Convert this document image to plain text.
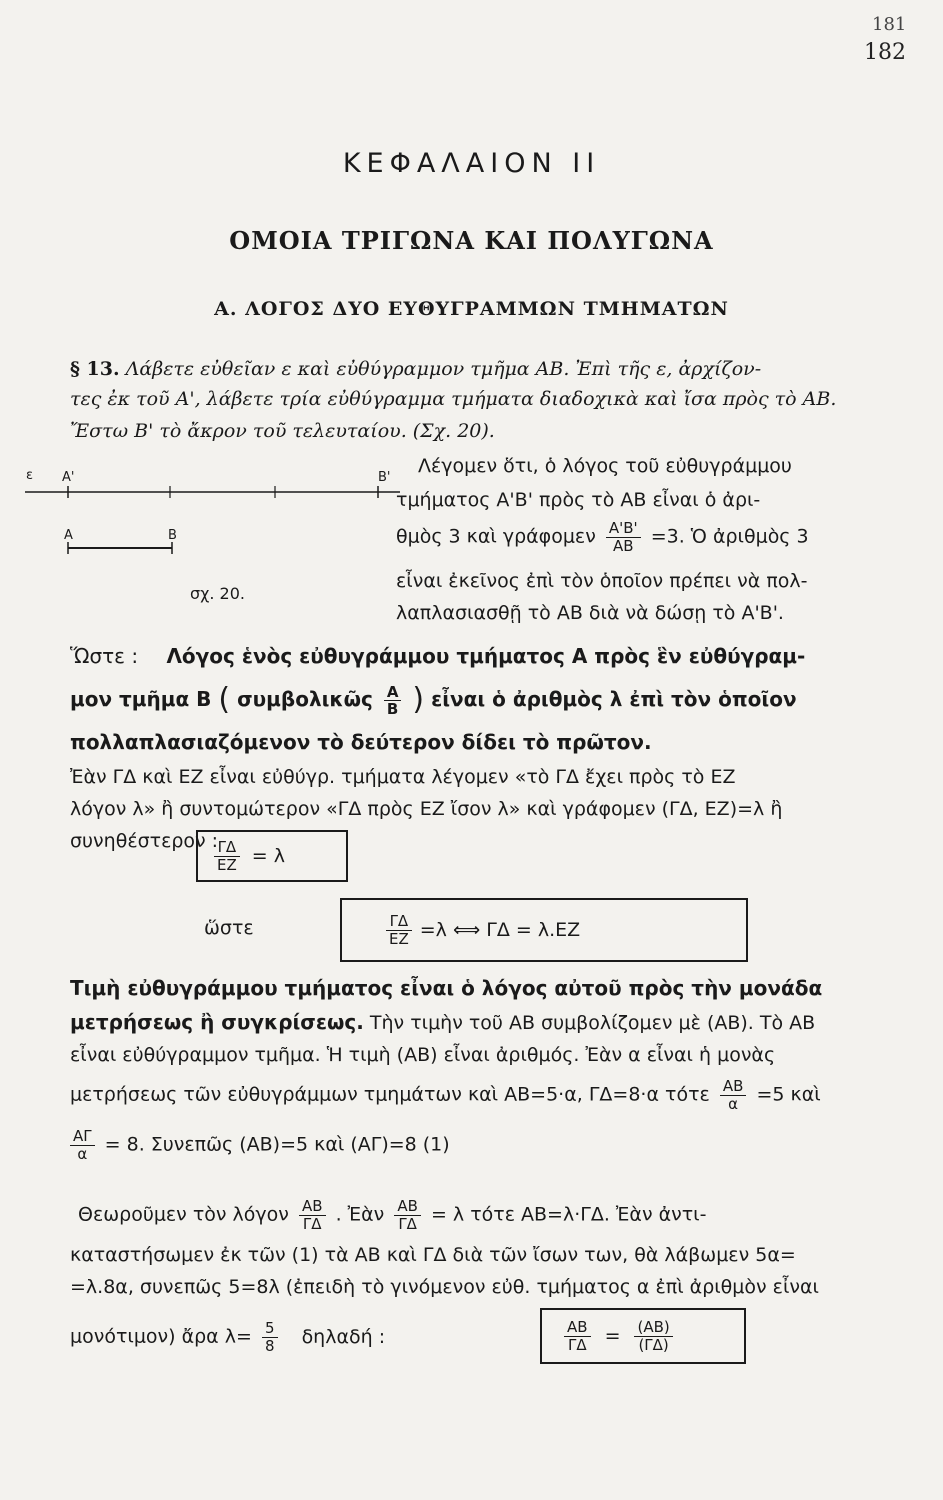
181
182
ΚΕΦΑΛΑΙΟΝ ΙΙ
ΟΜΟΙΑ ΤΡΙΓΩΝΑ ΚΑΙ ΠΟΛΥΓΩΝΑ
Α. ΛΟΓΟΣ ΔΥΟ ΕΥΘΥΓΡΑΜΜΩΝ ΤΜΗΜΑΤΩΝ
§ 13. Λάβετε εὐθεῖαν ε καὶ εὐθύγραμμον τμῆμα ΑΒ. Ἐπὶ τῆς ε, ἀρχίζον-
τες ἐκ τοῦ Α', λάβετε τρία εὐθύγραμμα τμήματα διαδοχικὰ καὶ ἴσα πρὸς τὸ ΑΒ.
Ἔστω Β' τὸ ἄκρον τοῦ τελευταίου. (Σχ. 20).
ε Α'	Β'
Α	Β
σχ. 20.
Λέγομεν ὅτι, ὁ λόγος τοῦ εὐθυγράμμου
τμήματος Α'Β' πρὸς τὸ ΑΒ εἶναι ὁ ἀρι-
θμὸς 3 καὶ γράφομεν $\frac{A'B'}{AB} =3$. Ὁ ἀριθμὸς 3
εἶναι ἐκεῖνος ἐπὶ τὸν ὁποῖον πρέπει νὰ πολ-
λαπλασιασθῇ τὸ ΑΒ διὰ νὰ δώσῃ τὸ Α'Β'.
Ὥστε : Λόγος ἑνὸς εὐθυγράμμου τμήματος Α πρὸς ἓν εὐθύγραμ-
μον τμῆμα Β ( συμβολικῶς $\frac{A}{B}$ ) εἶναι ὁ ἀριθμὸς λ ἐπὶ τὸν ὁποῖον
πολλαπλασιαζόμενον τὸ δεύτερον δίδει τὸ πρῶτον.
Ἐὰν ΓΔ καὶ ΕΖ εἶναι εὐθύγρ. τμήματα λέγομεν «τὸ ΓΔ ἔχει πρὸς τὸ ΕΖ
λόγον λ» ἢ συντομώτερον «ΓΔ πρὸς ΕΖ ἴσον λ» καὶ γράφομεν (ΓΔ, ΕΖ)=λ ἢ
συνηθέστερον :
$\frac{\Gamma\Delta}{EZ} = \lambda$
ὥστε	$\frac{\Gamma\Delta}{EZ} =\lambda$ ⟺ ΓΔ = λ.ΕΖ
Τιμὴ εὐθυγράμμου τμήματος εἶναι ὁ λόγος αὐτοῦ πρὸς τὴν μονάδα
μετρήσεως ἢ συγκρίσεως. Τὴν τιμὴν τοῦ ΑΒ συμβολίζομεν μὲ (ΑΒ). Τὸ ΑΒ
εἶναι εὐθύγραμμον τμῆμα. Ἡ τιμὴ (ΑΒ) εἶναι ἀριθμός. Ἐὰν α εἶναι ἡ μονὰς
μετρήσεως τῶν εὐθυγράμμων τμημάτων καὶ ΑΒ=5·α, ΓΔ=8·α τότε $\frac{AB}{\alpha} =5$ καὶ
$\frac{A\Gamma}{\alpha} = 8$. Συνεπῶς (ΑΒ)=5 καὶ (ΑΓ)=8 (1)
Θεωροῦμεν τὸν λόγον $\frac{AB}{\Gamma\Delta}$ . Ἐὰν $\frac{AB}{\Gamma\Delta} = \lambda$ τότε ΑΒ=λ·ΓΔ. Ἐὰν ἀντι-
καταστήσωμεν ἐκ τῶν (1) τὰ ΑΒ καὶ ΓΔ διὰ τῶν ἴσων των, θὰ λάβωμεν 5α=
=λ.8α, συνεπῶς 5=8λ (ἐπειδὴ τὸ γινόμενον εὐθ. τμήματος α ἐπὶ ἀριθμὸν εἶναι
μονότιμον) ἄρα $\lambda= \frac{5}{8}$ δηλαδή :	$\frac{AB}{\Gamma\Delta} = \frac{(AB)}{(\Gamma\Delta)}$
